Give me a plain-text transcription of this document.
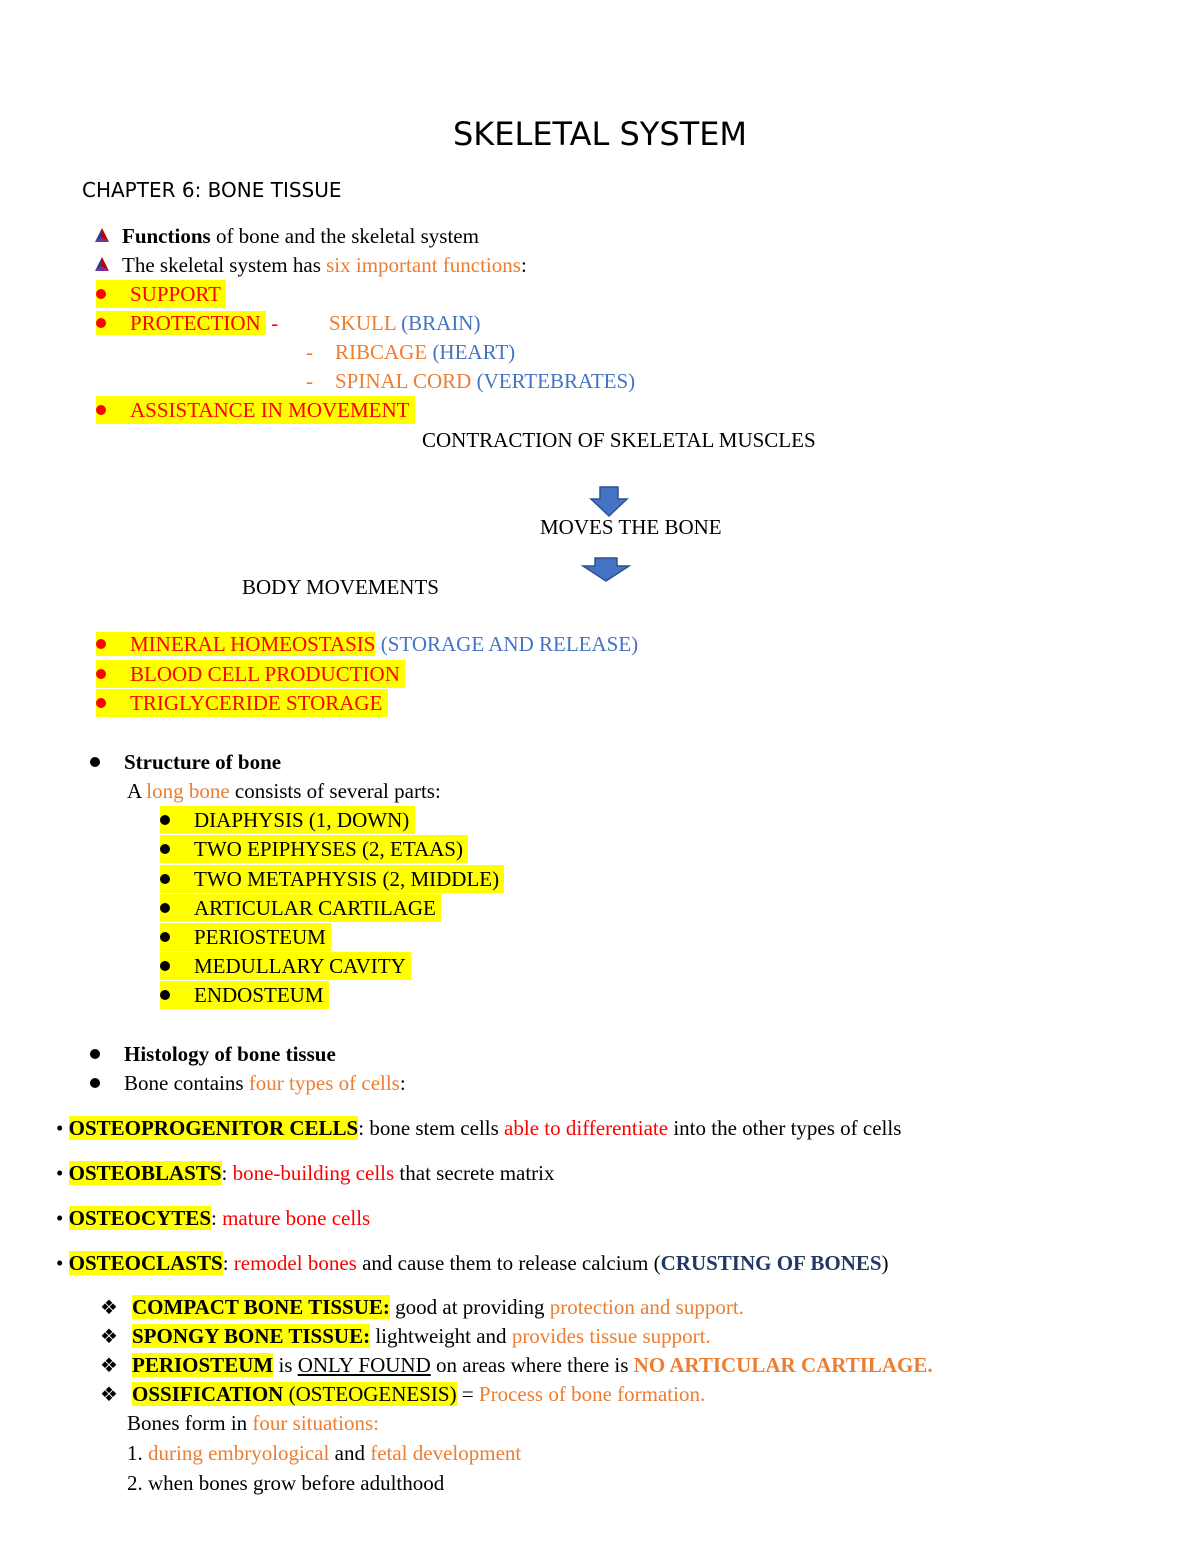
SKELETAL SYSTEM
CHAPTER 6: BONE TISSUE
Functions of bone and the skeletal system
The skeletal system has six important functions:
SUPPORT
PROTECTION  - SKULL (BRAIN)
- RIBCAGE (HEART)
- SPINAL CORD (VERTEBRATES)
ASSISTANCE IN MOVEMENT
CONTRACTION OF SKELETAL MUSCLES
MOVES THE BONE
BODY MOVEMENTS
MINERAL HOMEOSTASIS (STORAGE AND RELEASE)
BLOOD CELL PRODUCTION
TRIGLYCERIDE STORAGE
Structure of bone
A long bone consists of several parts:
DIAPHYSIS (1, DOWN)
TWO EPIPHYSES (2, ETAAS)
TWO METAPHYSIS (2, MIDDLE)
ARTICULAR CARTILAGE
PERIOSTEUM
MEDULLARY CAVITY
ENDOSTEUM
Histology of bone tissue
Bone contains four types of cells:
• OSTEOPROGENITOR CELLS: bone stem cells able to differentiate into the other types of cells
• OSTEOBLASTS: bone-building cells that secrete matrix
• OSTEOCYTES: mature bone cells
• OSTEOCLASTS: remodel bones and cause them to release calcium (CRUSTING OF BONES)
❖ COMPACT BONE TISSUE: good at providing protection and support.
❖ SPONGY BONE TISSUE: lightweight and provides tissue support.
❖ PERIOSTEUM is ONLY FOUND on areas where there is NO ARTICULAR CARTILAGE.
❖ OSSIFICATION (OSTEOGENESIS) = Process of bone formation.
Bones form in four situations:
1. during embryological and fetal development
2. when bones grow before adulthood
